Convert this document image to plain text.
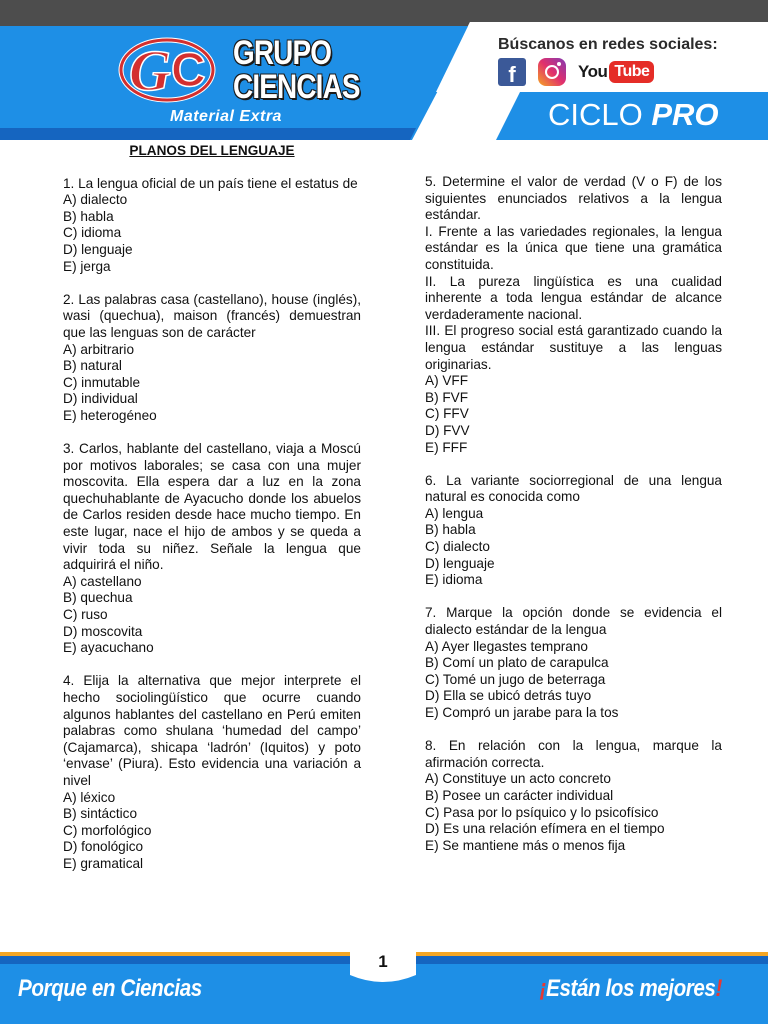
G C GRUPO
CIENCIAS
Material Extra
Búscanos en redes sociales:
f	You Tube
CICLO PRO
PLANOS DEL LENGUAJE
1. La lengua oficial de un país tiene el estatus de
A) dialecto
B) habla
C) idioma
D) lenguaje
E) jerga
2. Las palabras casa (castellano), house (inglés), wasi (quechua), maison (francés) demuestran que las lenguas son de carácter
A) arbitrario
B) natural
C) inmutable
D) individual
E) heterogéneo
3. Carlos, hablante del castellano, viaja a Moscú por motivos laborales; se casa con una mujer moscovita. Ella espera dar a luz en la zona quechuhablante de Ayacucho donde los abuelos de Carlos residen desde hace mucho tiempo. En este lugar, nace el hijo de ambos y se queda a vivir toda su niñez. Señale la lengua que adquirirá el niño.
A) castellano
B) quechua
C) ruso
D) moscovita
E) ayacuchano
4. Elija la alternativa que mejor interprete el hecho sociolingüístico que ocurre cuando algunos hablantes del castellano en Perú emiten palabras como shulana ‘humedad del campo’ (Cajamarca), shicapa ‘ladrón’ (Iquitos) y poto ‘envase’ (Piura). Esto evidencia una variación a nivel
A) léxico
B) sintáctico
C) morfológico
D) fonológico
E) gramatical
5. Determine el valor de verdad (V o F) de los siguientes enunciados relativos a la lengua estándar.
I. Frente a las variedades regionales, la lengua estándar es la única que tiene una gramática constituida.
II. La pureza lingüística es una cualidad inherente a toda lengua estándar de alcance verdaderamente nacional.
III. El progreso social está garantizado cuando la lengua estándar sustituye a las lenguas originarias.
A) VFF
B) FVF
C) FFV
D) FVV
E) FFF
6. La variante sociorregional de una lengua natural es conocida como
A) lengua
B) habla
C) dialecto
D) lenguaje
E) idioma
7. Marque la opción donde se evidencia el dialecto estándar de la lengua
A) Ayer llegastes temprano
B) Comí un plato de carapulca
C) Tomé un jugo de beterraga
D) Ella se ubicó detrás tuyo
E) Compró un jarabe para la tos
8. En relación con la lengua, marque la afirmación correcta.
A) Constituye un acto concreto
B) Posee un carácter individual
C) Pasa por lo psíquico y lo psicofísico
D) Es una relación efímera en el tiempo
E) Se mantiene más o menos fija
1
Porque en Ciencias	¡Están los mejores!
